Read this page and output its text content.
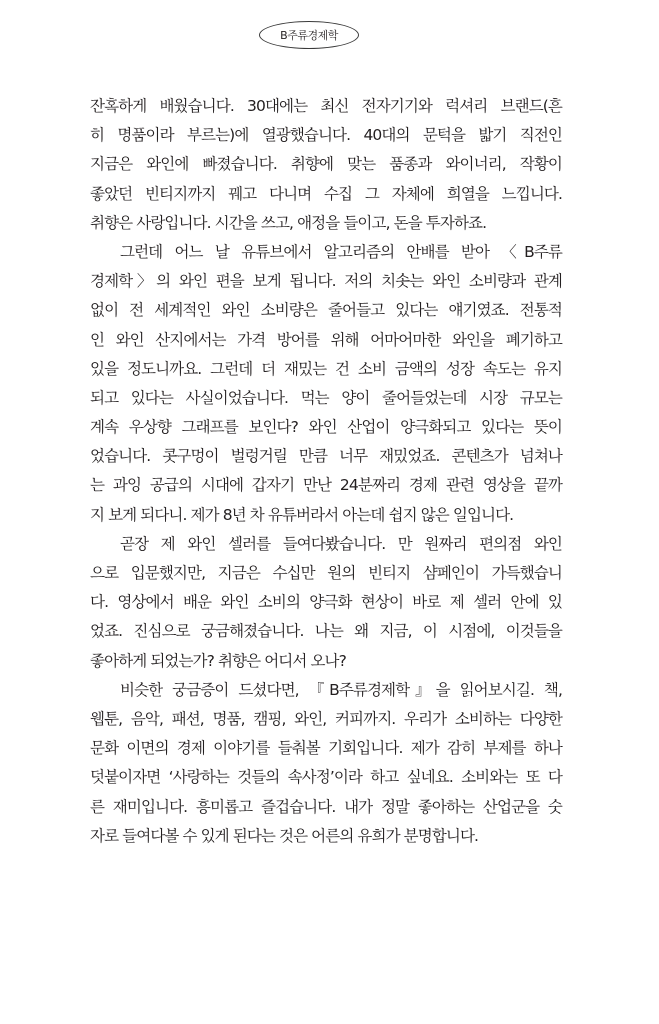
B주류경제학
잔혹하게 배웠습니다. 30대에는 최신 전자기기와 럭셔리 브랜드(흔
히 명품이라 부르는)에 열광했습니다. 40대의 문턱을 밟기 직전인
지금은 와인에 빠졌습니다. 취향에 맞는 품종과 와이너리, 작황이
좋았던 빈티지까지 꿰고 다니며 수집 그 자체에 희열을 느낍니다.
취향은 사랑입니다. 시간을 쓰고, 애정을 들이고, 돈을 투자하죠.
그런데 어느 날 유튜브에서 알고리즘의 안배를 받아 〈B주류
경제학〉의 와인 편을 보게 됩니다. 저의 치솟는 와인 소비량과 관계
없이 전 세계적인 와인 소비량은 줄어들고 있다는 얘기였죠. 전통적
인 와인 산지에서는 가격 방어를 위해 어마어마한 와인을 폐기하고
있을 정도니까요. 그런데 더 재밌는 건 소비 금액의 성장 속도는 유지
되고 있다는 사실이었습니다. 먹는 양이 줄어들었는데 시장 규모는
계속 우상향 그래프를 보인다? 와인 산업이 양극화되고 있다는 뜻이
었습니다. 콧구멍이 벌렁거릴 만큼 너무 재밌었죠. 콘텐츠가 넘쳐나
는 과잉 공급의 시대에 갑자기 만난 24분짜리 경제 관련 영상을 끝까
지 보게 되다니. 제가 8년 차 유튜버라서 아는데 쉽지 않은 일입니다.
곧장 제 와인 셀러를 들여다봤습니다. 만 원짜리 편의점 와인
으로 입문했지만, 지금은 수십만 원의 빈티지 샴페인이 가득했습니
다. 영상에서 배운 와인 소비의 양극화 현상이 바로 제 셀러 안에 있
었죠. 진심으로 궁금해졌습니다. 나는 왜 지금, 이 시점에, 이것들을
좋아하게 되었는가? 취향은 어디서 오나?
비슷한 궁금증이 드셨다면, 『B주류경제학』을 읽어보시길. 책,
웹툰, 음악, 패션, 명품, 캠핑, 와인, 커피까지. 우리가 소비하는 다양한
문화 이면의 경제 이야기를 들춰볼 기회입니다. 제가 감히 부제를 하나
덧붙이자면 ‘사랑하는 것들의 속사정’이라 하고 싶네요. 소비와는 또 다
른 재미입니다. 흥미롭고 즐겁습니다. 내가 정말 좋아하는 산업군을 숫
자로 들여다볼 수 있게 된다는 것은 어른의 유희가 분명합니다.
